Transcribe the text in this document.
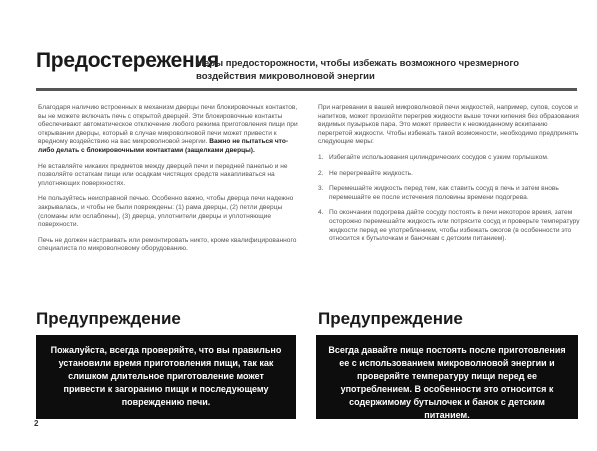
Предостережения
Меры предосторожности, чтобы избежать возможного чрезмерного воздействия микроволновой энергии

Благодаря наличию встроенных в механизм дверцы печи блокировочных контактов, вы не можете включать печь с открытой дверцей. Эти блокировочные контакты обеспечивают автоматическое отключение любого режима приготовления пищи при открывании дверцы, который в случае микроволновой печи может привести к вредному воздействию на вас микроволновой энергии. Важно не пытаться что-либо делать с блокировочными контактами (защелками дверцы).

Не вставляйте никаких предметов между дверцей печи и передней панелью и не позволяйте остаткам пищи или осадкам чистящих средств накапливаться на уплотняющих поверхностях.

Не пользуйтесь неисправной печью. Особенно важно, чтобы дверца печи надежно закрывалась, и чтобы не были повреждены: (1) рама дверцы, (2) петли дверцы (сломаны или ослаблены), (3) дверца, уплотнители дверцы и уплотняющие поверхности.

Печь не должен настраивать или ремонтировать никто, кроме квалифицированного специалиста по микроволновому оборудованию.

При нагревании в вашей микроволновой печи жидкостей, например, супов, соусов и напитков, может произойти перегрев жидкости выше точки кипения без образования видимых пузырьков пара. Это может привести к неожиданному вскипанию перегретой жидкости. Чтобы избежать такой возможности, необходимо предпринять следующие меры:

1. Избегайте использования цилиндрических сосудов с узким горлышком.
2. Не перегревайте жидкость.
3. Перемешайте жидкость перед тем, как ставить сосуд в печь и затем вновь перемешайте ее после истечения половины времени подогрева.
4. По окончании подогрева дайте сосуду постоять в печи некоторое время, затем осторожно перемешайте жидкость или потрясите сосуд и проверьте температуру жидкости перед ее употреблением, чтобы избежать ожогов (в особенности это относится к бутылочкам и баночкам с детским питанием).
Предупреждение
Пожалуйста, всегда проверяйте, что вы правильно установили время приготовления пищи, так как слишком длительное приготовление может привести к загоранию пищи и последующему повреждению печи.
Предупреждение
Всегда давайте пище постоять после приготовления ее с использованием микроволновой энергии и проверяйте температуру пищи перед ее употреблением. В особенности это относится к содержимому бутылочек и банок с детским питанием.
2
